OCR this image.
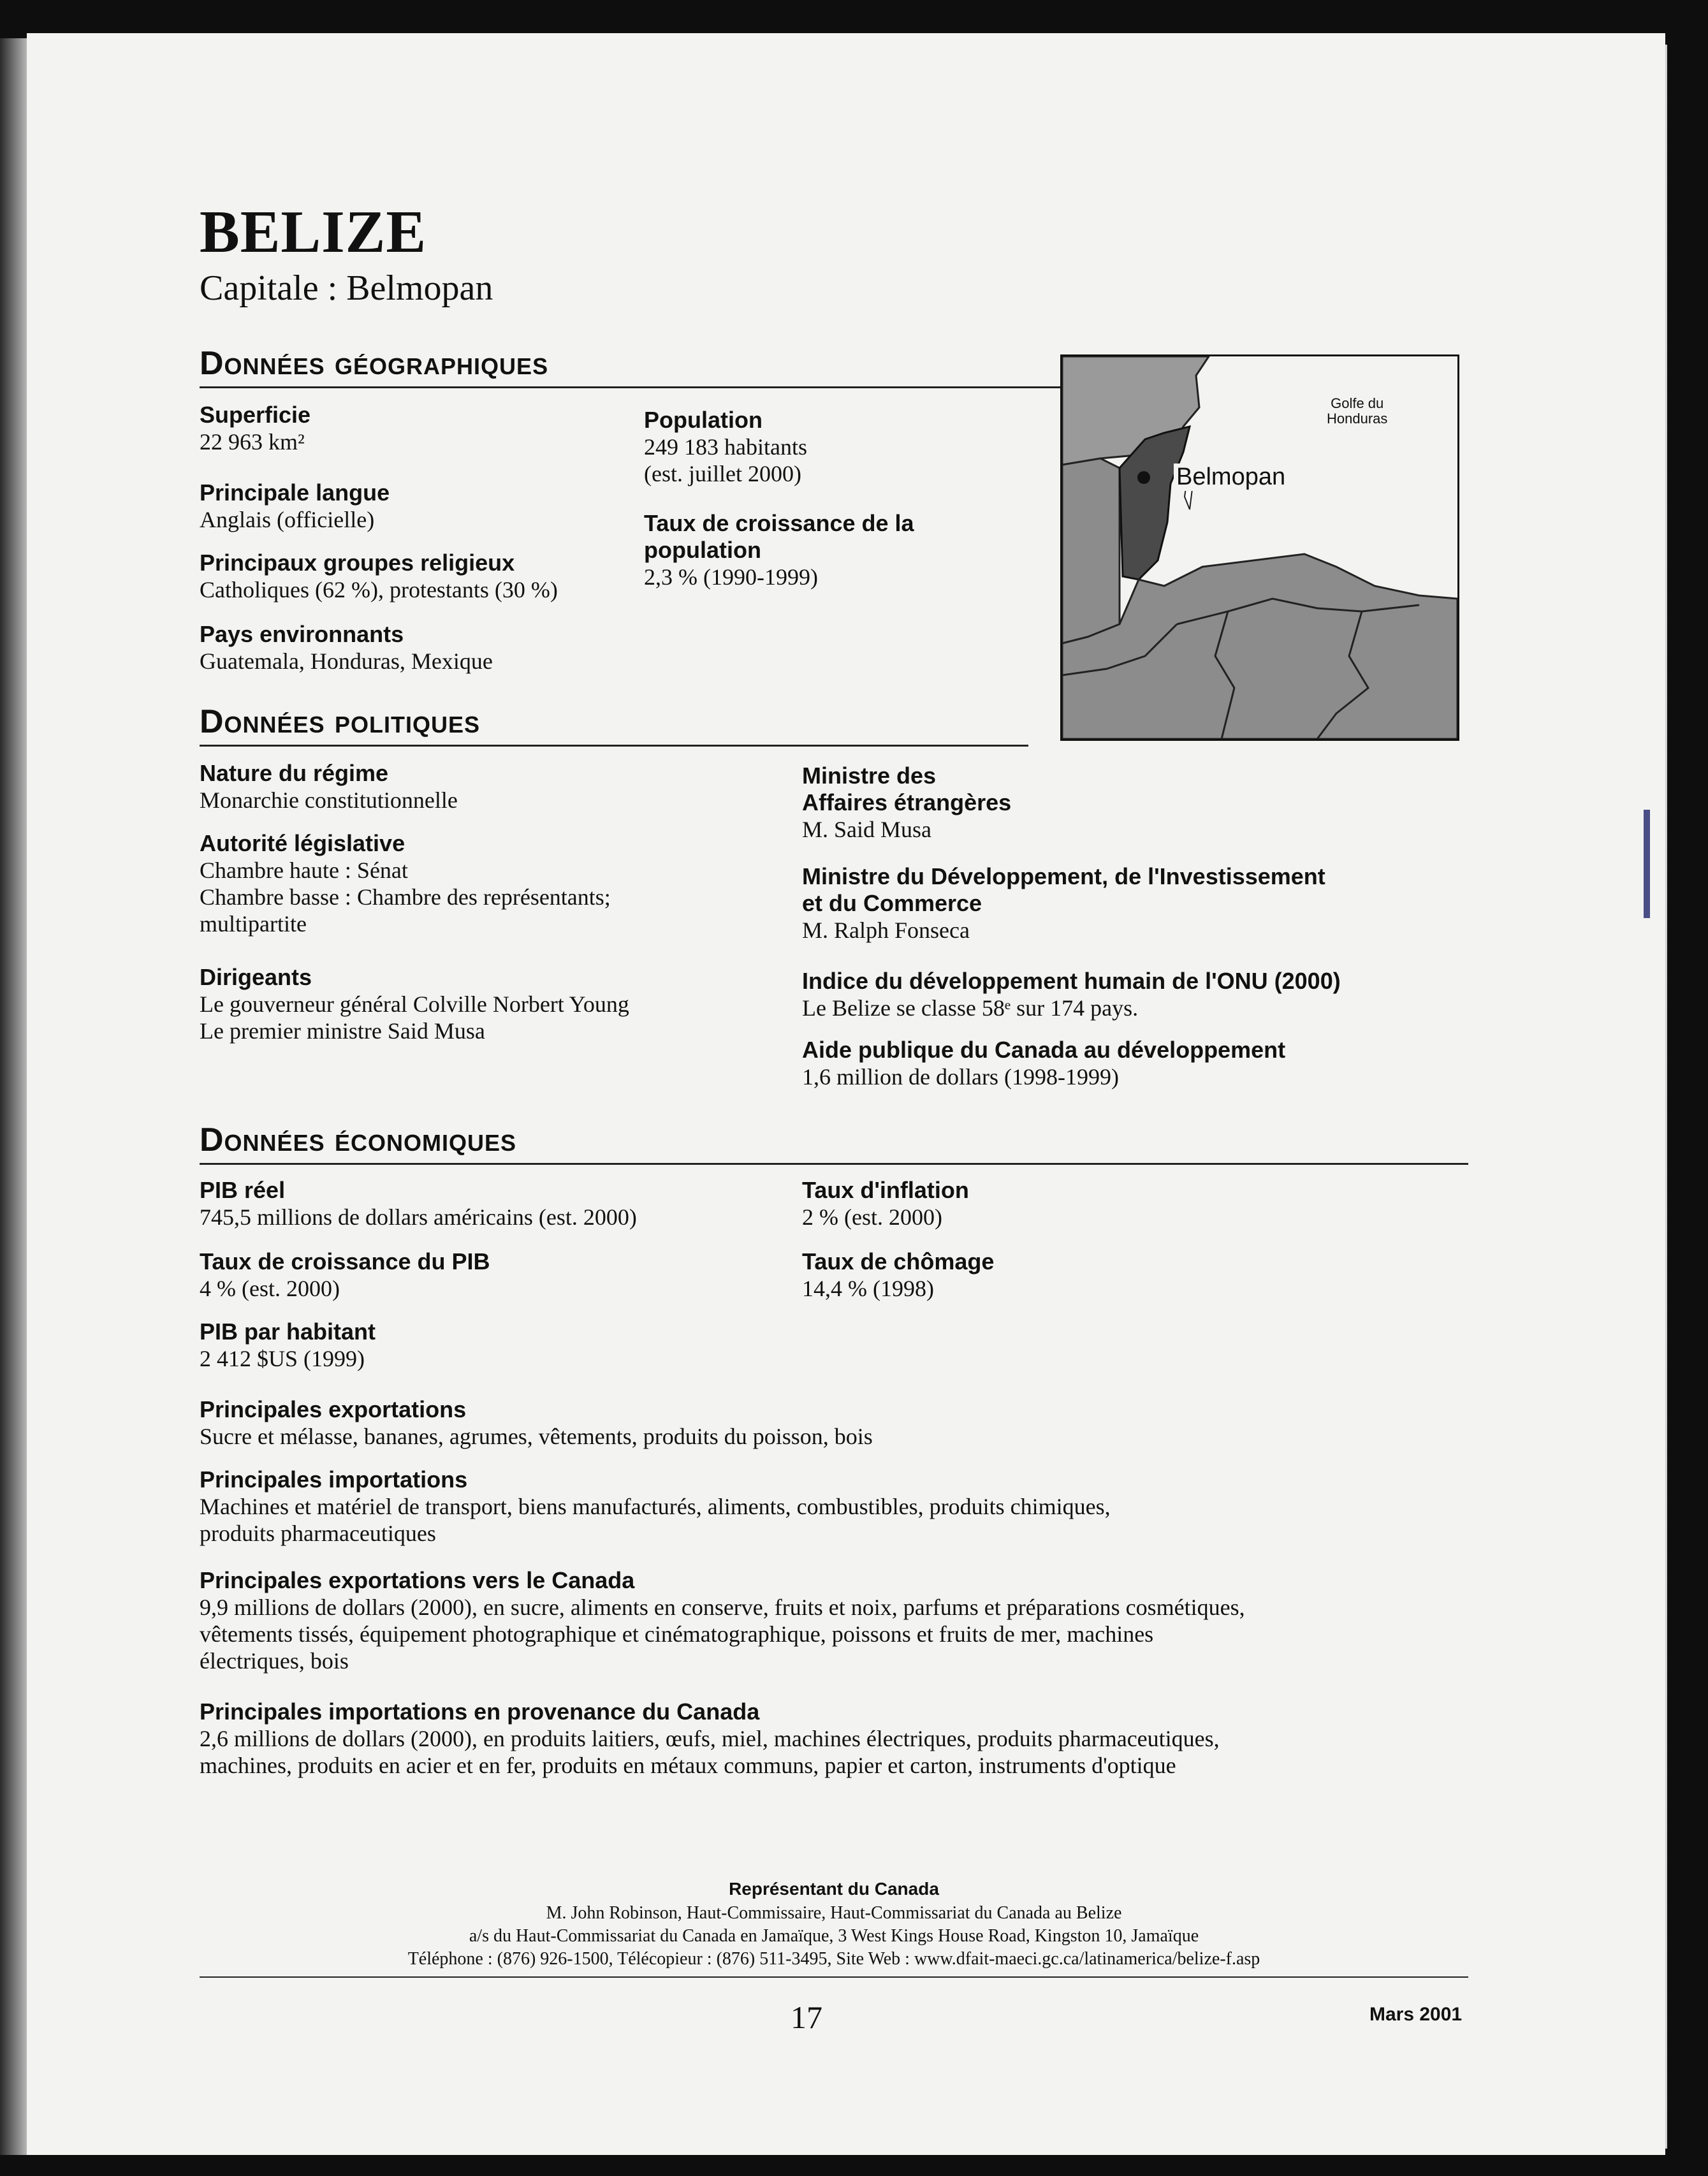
BELIZE
Capitale : Belmopan
Données géographiques
Superficie
22 963 km²
Principale langue
Anglais (officielle)
Principaux groupes religieux
Catholiques (62 %), protestants (30 %)
Pays environnants
Guatemala, Honduras, Mexique
Population
249 183 habitants
(est. juillet 2000)
Taux de croissance de la
population
2,3 % (1990-1999)
Golfe du
Honduras
Belmopan
Données politiques
Nature du régime
Monarchie constitutionnelle
Autorité législative
Chambre haute : Sénat
Chambre basse : Chambre des représentants;
multipartite
Dirigeants
Le gouverneur général Colville Norbert Young
Le premier ministre Said Musa
Ministre des
Affaires étrangères
M. Said Musa
Ministre du Développement, de l'Investissement
et du Commerce
M. Ralph Fonseca
Indice du développement humain de l'ONU (2000)
Le Belize se classe 58ᵉ sur 174 pays.
Aide publique du Canada au développement
1,6 million de dollars (1998-1999)
Données économiques
PIB réel
745,5 millions de dollars américains (est. 2000)
Taux de croissance du PIB
4 % (est. 2000)
PIB par habitant
2 412 $US (1999)
Taux d'inflation
2 % (est. 2000)
Taux de chômage
14,4 % (1998)
Principales exportations
Sucre et mélasse, bananes, agrumes, vêtements, produits du poisson, bois
Principales importations
Machines et matériel de transport, biens manufacturés, aliments, combustibles, produits chimiques,
produits pharmaceutiques
Principales exportations vers le Canada
9,9 millions de dollars (2000), en sucre, aliments en conserve, fruits et noix, parfums et préparations cosmétiques,
vêtements tissés, équipement photographique et cinématographique, poissons et fruits de mer, machines
électriques, bois
Principales importations en provenance du Canada
2,6 millions de dollars (2000), en produits laitiers, œufs, miel, machines électriques, produits pharmaceutiques,
machines, produits en acier et en fer, produits en métaux communs, papier et carton, instruments d'optique
Représentant du Canada
M. John Robinson, Haut-Commissaire, Haut-Commissariat du Canada au Belize
a/s du Haut-Commissariat du Canada en Jamaïque, 3 West Kings House Road, Kingston 10, Jamaïque
Téléphone : (876) 926-1500, Télécopieur : (876) 511-3495, Site Web : www.dfait-maeci.gc.ca/latinamerica/belize-f.asp
17	Mars 2001
